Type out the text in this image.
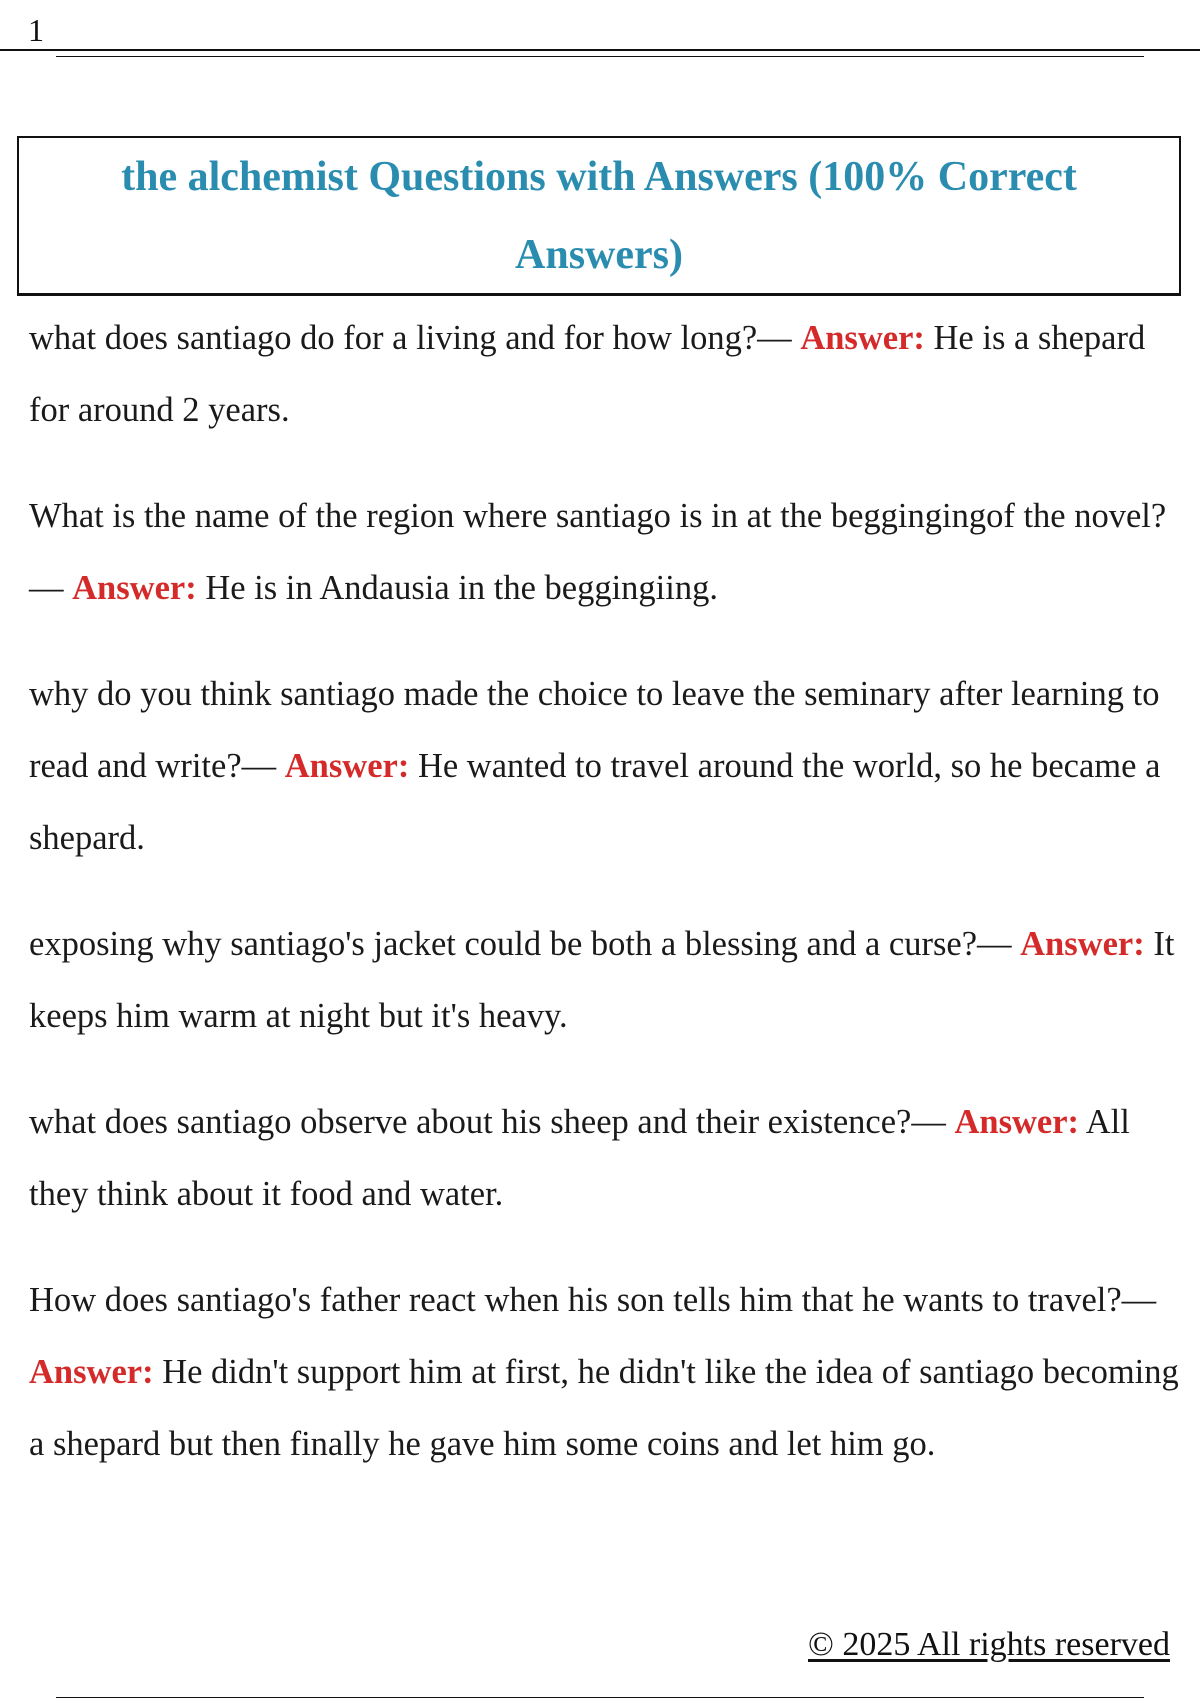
1
the alchemist Questions with Answers (100% Correct Answers)

what does santiago do for a living and for how long?— Answer: He is a shepard for around 2 years.

What is the name of the region where santiago is in at the beggingingof the novel?— Answer: He is in Andausia in the beggingiing.

why do you think santiago made the choice to leave the seminary after learning to read and write?— Answer: He wanted to travel around the world, so he became a shepard.

exposing why santiago's jacket could be both a blessing and a curse?— Answer: It keeps him warm at night but it's heavy.

what does santiago observe about his sheep and their existence?— Answer: All they think about it food and water.

How does santiago's father react when his son tells him that he wants to travel?— Answer: He didn't support him at first, he didn't like the idea of santiago becoming a shepard but then finally he gave him some coins and let him go.

© 2025 All rights reserved
